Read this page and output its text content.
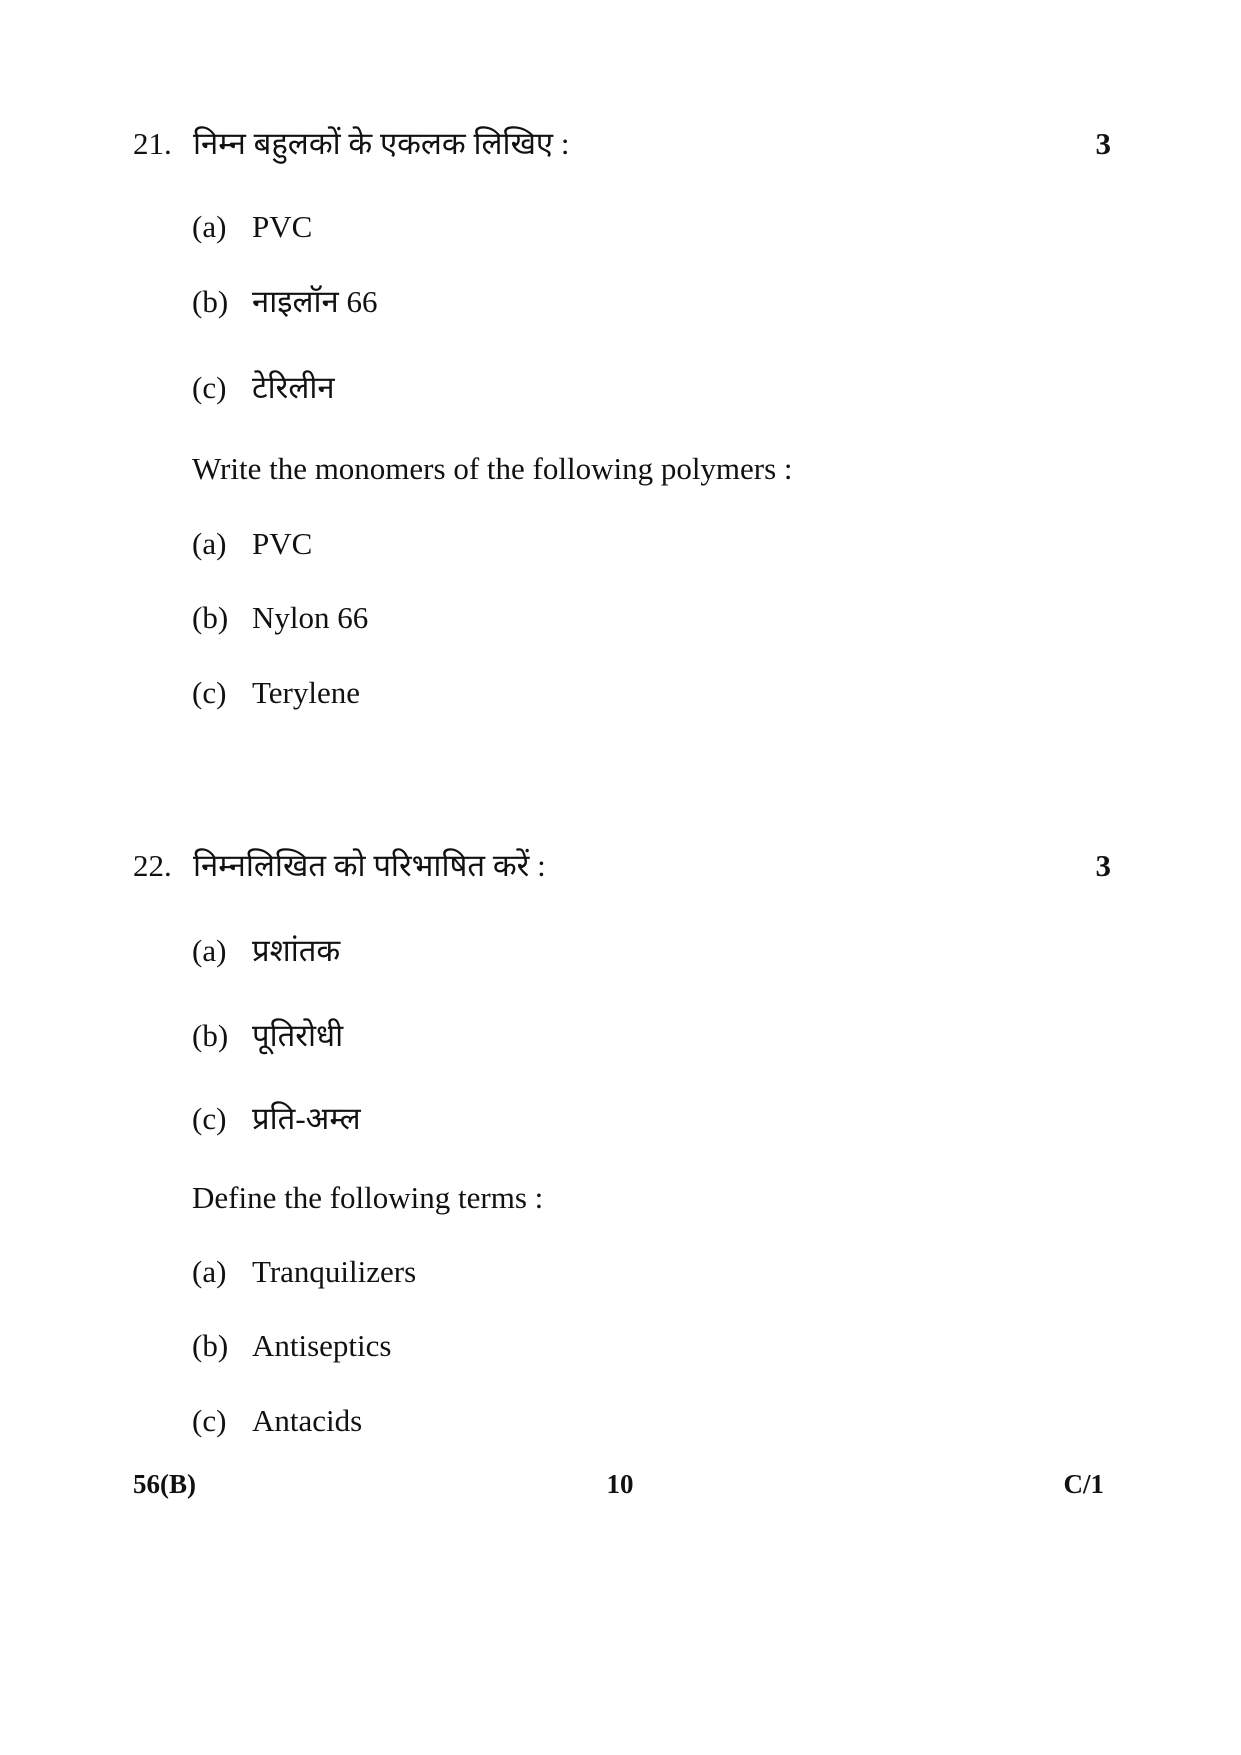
21. निम्न बहुलकों के एकलक लिखिए :	3
(a) PVC
(b) नाइलॉन 66
(c) टेरिलीन
Write the monomers of the following polymers :
(a) PVC
(b) Nylon 66
(c) Terylene
22. निम्नलिखित को परिभाषित करें :	3
(a) प्रशांतक
(b) पूतिरोधी
(c) प्रति-अम्ल
Define the following terms :
(a) Tranquilizers
(b) Antiseptics
(c) Antacids
56(B)	10	C/1
